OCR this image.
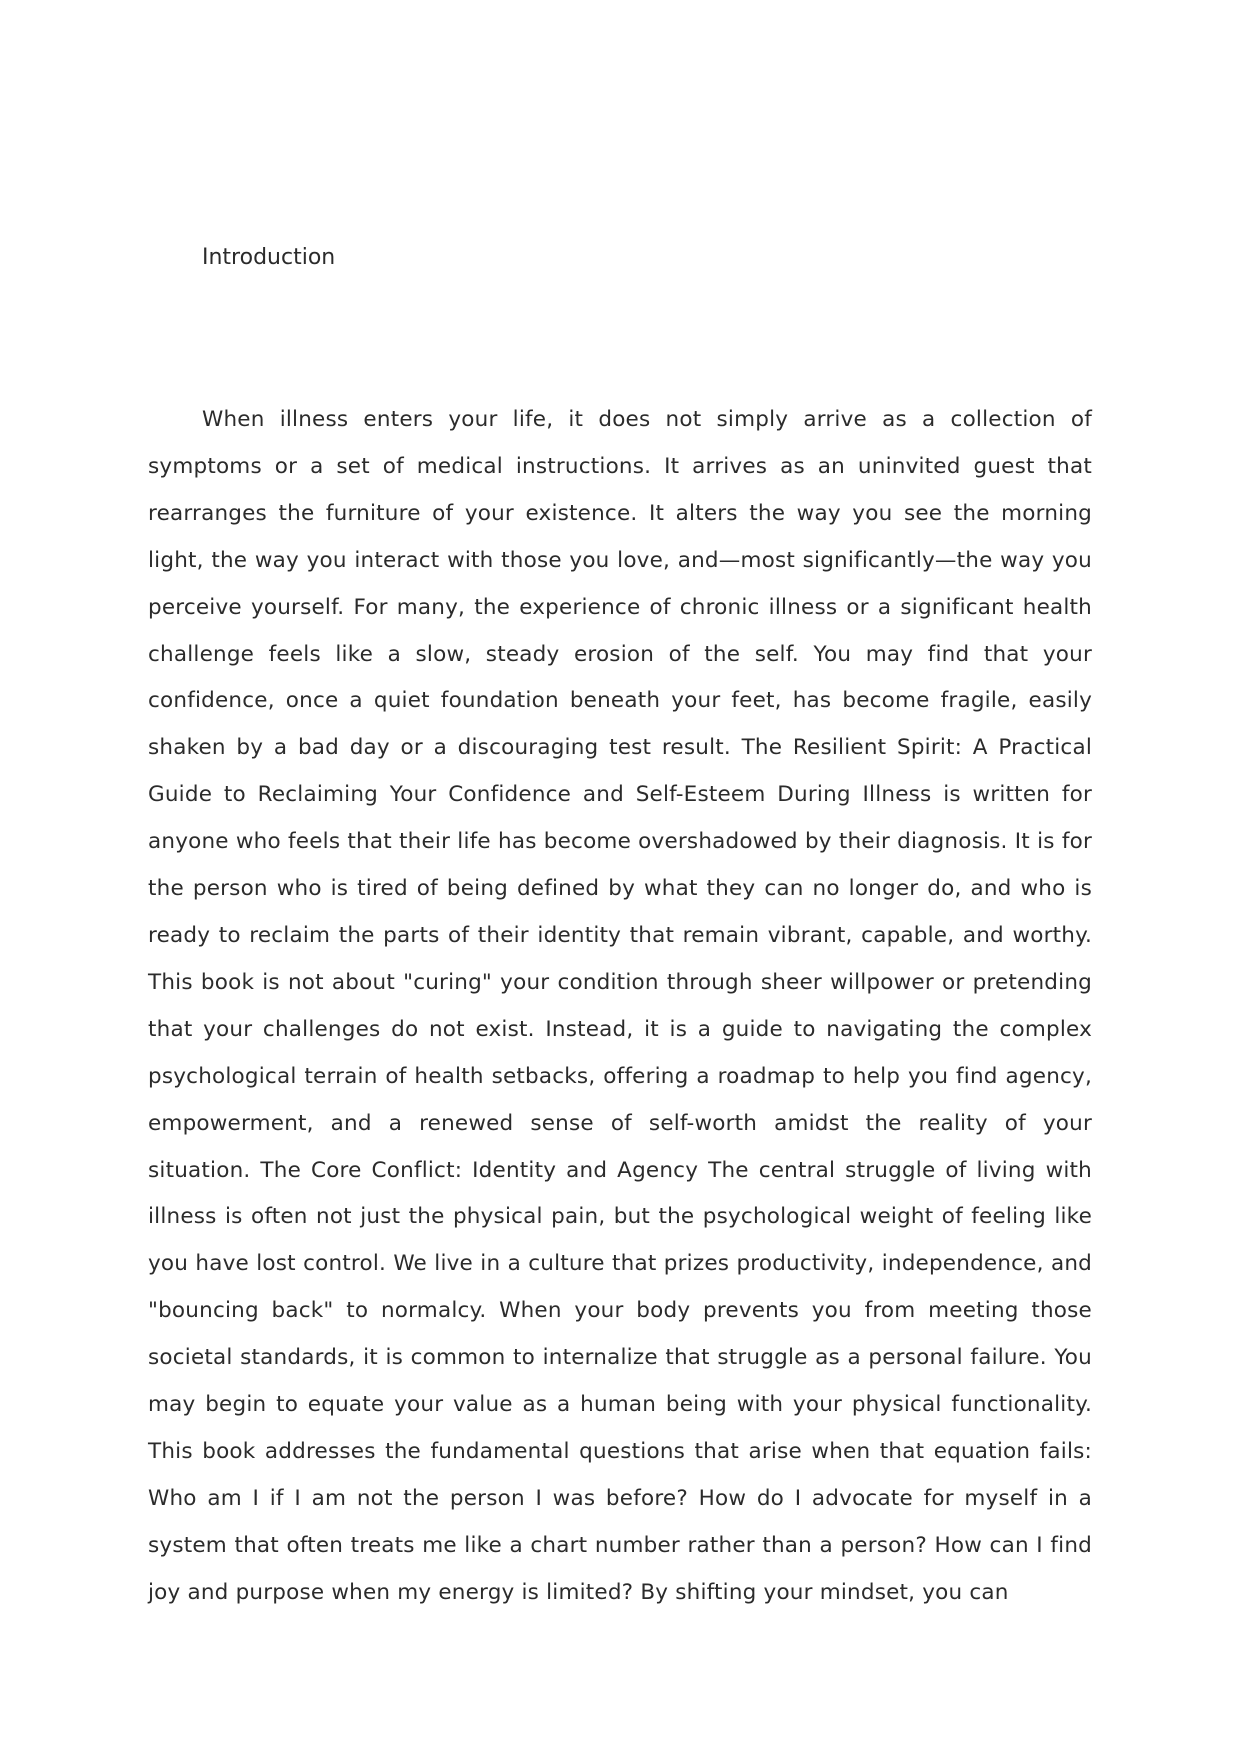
Introduction

When illness enters your life, it does not simply arrive as a collection of symptoms or a set of medical instructions. It arrives as an uninvited guest that rearranges the furniture of your existence. It alters the way you see the morning light, the way you interact with those you love, and—most significantly—the way you perceive yourself. For many, the experience of chronic illness or a significant health challenge feels like a slow, steady erosion of the self. You may find that your confidence, once a quiet foundation beneath your feet, has become fragile, easily shaken by a bad day or a discouraging test result. The Resilient Spirit: A Practical Guide to Reclaiming Your Confidence and Self-Esteem During Illness is written for anyone who feels that their life has become overshadowed by their diagnosis. It is for the person who is tired of being defined by what they can no longer do, and who is ready to reclaim the parts of their identity that remain vibrant, capable, and worthy. This book is not about "curing" your condition through sheer willpower or pretending that your challenges do not exist. Instead, it is a guide to navigating the complex psychological terrain of health setbacks, offering a roadmap to help you find agency, empowerment, and a renewed sense of self-worth amidst the reality of your situation. The Core Conflict: Identity and Agency The central struggle of living with illness is often not just the physical pain, but the psychological weight of feeling like you have lost control. We live in a culture that prizes productivity, independence, and "bouncing back" to normalcy. When your body prevents you from meeting those societal standards, it is common to internalize that struggle as a personal failure. You may begin to equate your value as a human being with your physical functionality. This book addresses the fundamental questions that arise when that equation fails: Who am I if I am not the person I was before? How do I advocate for myself in a system that often treats me like a chart number rather than a person? How can I find joy and purpose when my energy is limited? By shifting your mindset, you can
